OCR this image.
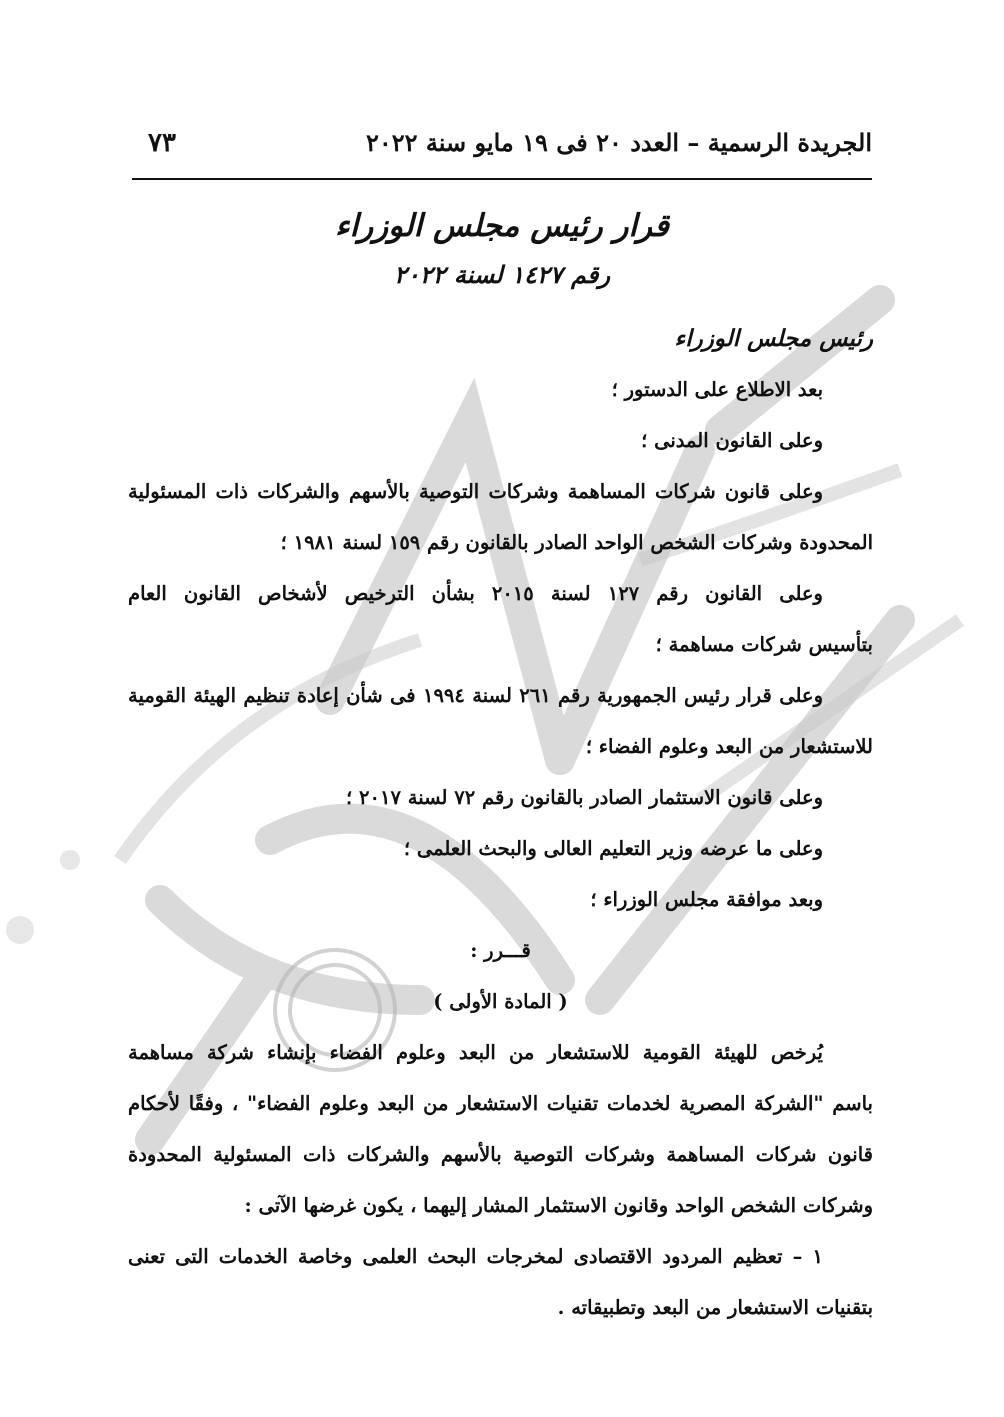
الجريدة الرسمية – العدد ٢٠ فى ١٩ مايو سنة ٢٠٢٢
٧٣
قرار رئيس مجلس الوزراء
رقم ١٤٢٧ لسنة ٢٠٢٢
رئيس مجلس الوزراء
بعد الاطلاع على الدستور ؛
وعلى القانون المدنى ؛
وعلى قانون شركات المساهمة وشركات التوصية بالأسهم والشركات ذات المسئولية
المحدودة وشركات الشخص الواحد الصادر بالقانون رقم ١٥٩ لسنة ١٩٨١ ؛
وعلى القانون رقم ١٢٧ لسنة ٢٠١٥ بشأن الترخيص لأشخاص القانون العام
بتأسيس شركات مساهمة ؛
وعلى قرار رئيس الجمهورية رقم ٢٦١ لسنة ١٩٩٤ فى شأن إعادة تنظيم الهيئة القومية
للاستشعار من البعد وعلوم الفضاء ؛
وعلى قانون الاستثمار الصادر بالقانون رقم ٧٢ لسنة ٢٠١٧ ؛
وعلى ما عرضه وزير التعليم العالى والبحث العلمى ؛
وبعد موافقة مجلس الوزراء ؛
قـــرر :
( المادة الأولى )
يُرخص للهيئة القومية للاستشعار من البعد وعلوم الفضاء بإنشاء شركة مساهمة
باسم "الشركة المصرية لخدمات تقنيات الاستشعار من البعد وعلوم الفضاء" ، وفقًا لأحكام
قانون شركات المساهمة وشركات التوصية بالأسهم والشركات ذات المسئولية المحدودة
وشركات الشخص الواحد وقانون الاستثمار المشار إليهما ، يكون غرضها الآتى :
١ – تعظيم المردود الاقتصادى لمخرجات البحث العلمى وخاصة الخدمات التى تعنى
بتقنيات الاستشعار من البعد وتطبيقاته .
